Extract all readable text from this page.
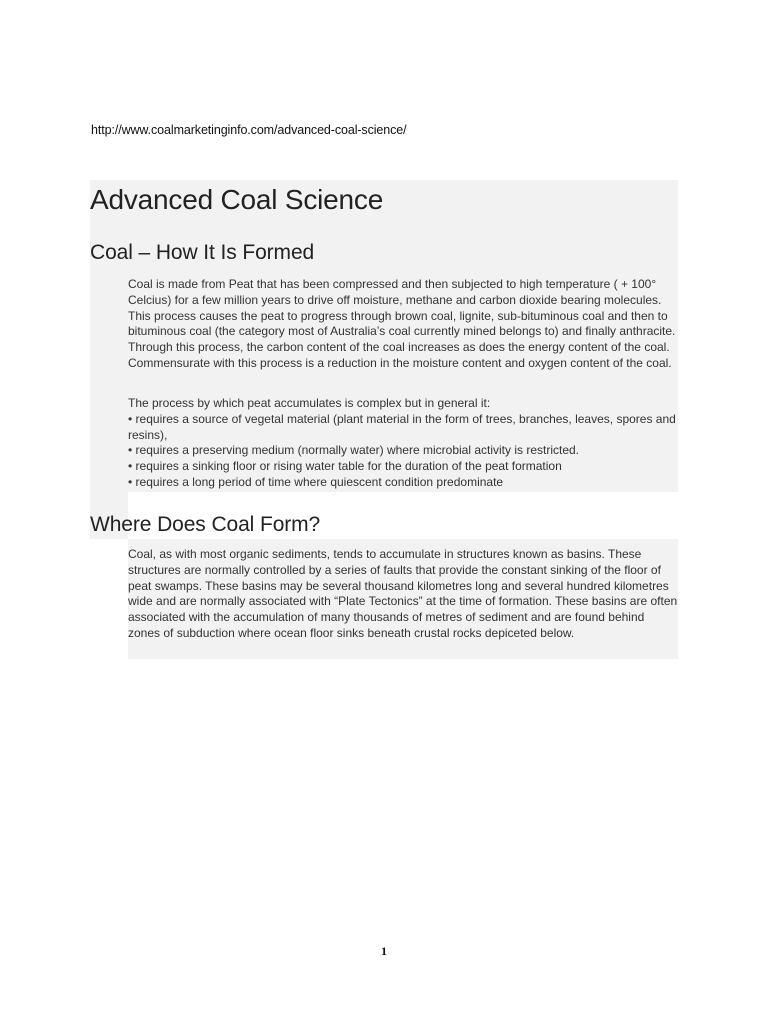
http://www.coalmarketinginfo.com/advanced-coal-science/
Advanced Coal Science
Coal – How It Is Formed

Coal is made from Peat that has been compressed and then subjected to high temperature ( + 100° Celcius) for a few million years to drive off moisture, methane and carbon dioxide bearing molecules. This process causes the peat to progress through brown coal, lignite, sub-bituminous coal and then to bituminous coal (the category most of Australia’s coal currently mined belongs to) and finally anthracite. Through this process, the carbon content of the coal increases as does the energy content of the coal. Commensurate with this process is a reduction in the moisture content and oxygen content of the coal.

The process by which peat accumulates is complex but in general it:
• requires a source of vegetal material (plant material in the form of trees, branches, leaves, spores and resins),
• requires a preserving medium (normally water) where microbial activity is restricted.
• requires a sinking floor or rising water table for the duration of the peat formation
• requires a long period of time where quiescent condition predominate
Where Does Coal Form?

Coal, as with most organic sediments, tends to accumulate in structures known as basins. These structures are normally controlled by a series of faults that provide the constant sinking of the floor of peat swamps. These basins may be several thousand kilometres long and several hundred kilometres wide and are normally associated with “Plate Tectonics” at the time of formation. These basins are often associated with the accumulation of many thousands of metres of sediment and are found behind zones of subduction where ocean floor sinks beneath crustal rocks depiceted below.

1
